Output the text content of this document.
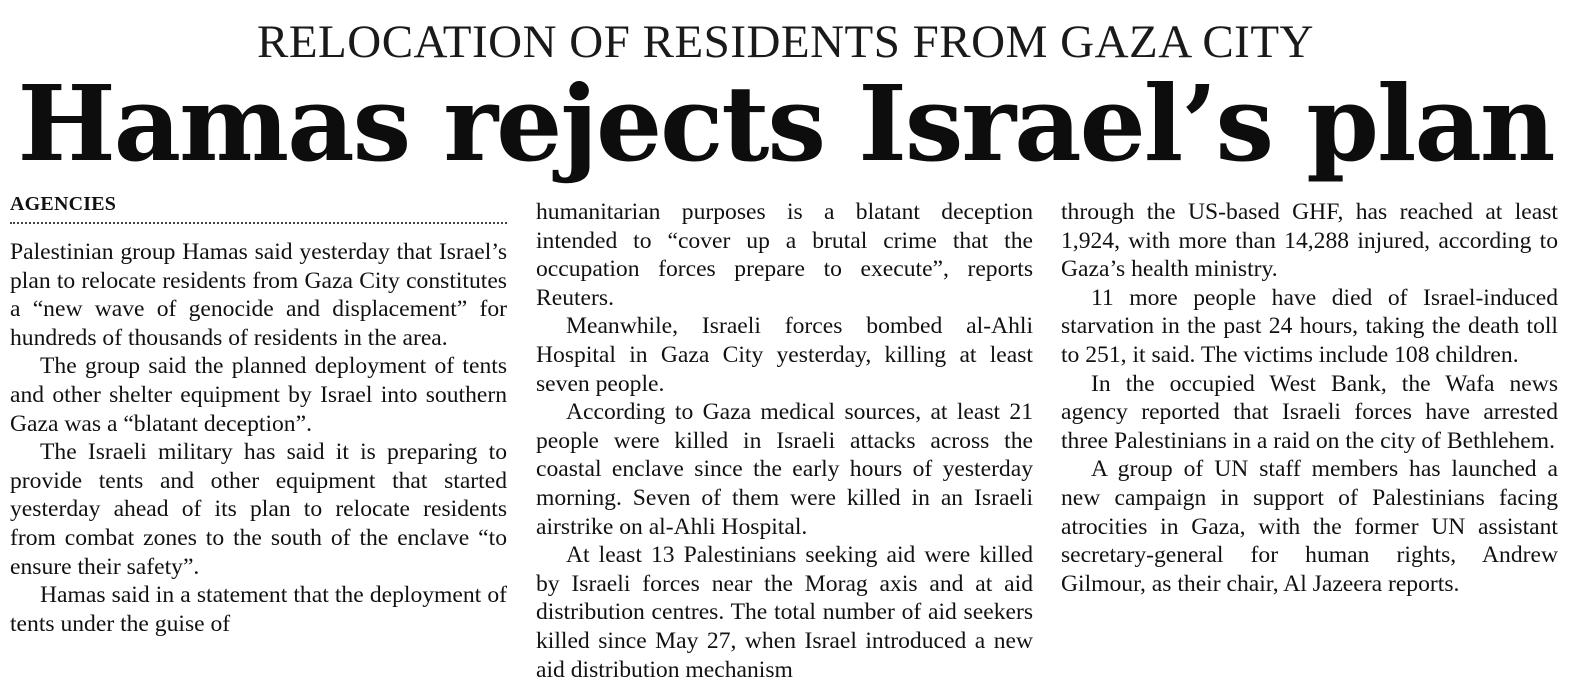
RELOCATION OF RESIDENTS FROM GAZA CITY
Hamas rejects Israel’s plan
AGENCIES

Palestinian group Hamas said yesterday that Israel’s plan to relocate residents from Gaza City constitutes a “new wave of genocide and displacement” for hundreds of thousands of residents in the area.

The group said the planned deployment of tents and other shelter equipment by Israel into southern Gaza was a “blatant deception”.

The Israeli military has said it is preparing to provide tents and other equipment that started yesterday ahead of its plan to relocate residents from combat zones to the south of the enclave “to ensure their safety”.

Hamas said in a statement that the deployment of tents under the guise of

humanitarian purposes is a blatant deception intended to “cover up a brutal crime that the occupation forces prepare to execute”, reports Reuters.

Meanwhile, Israeli forces bombed al-Ahli Hospital in Gaza City yesterday, killing at least seven people.

According to Gaza medical sources, at least 21 people were killed in Israeli attacks across the coastal enclave since the early hours of yesterday morning. Seven of them were killed in an Israeli airstrike on al-Ahli Hospital.

At least 13 Palestinians seeking aid were killed by Israeli forces near the Morag axis and at aid distribution centres. The total number of aid seekers killed since May 27, when Israel introduced a new aid distribution mechanism

through the US-based GHF, has reached at least 1,924, with more than 14,288 injured, according to Gaza’s health ministry.

11 more people have died of Israel-induced starvation in the past 24 hours, taking the death toll to 251, it said. The victims include 108 children.

In the occupied West Bank, the Wafa news agency reported that Israeli forces have arrested three Palestinians in a raid on the city of Bethlehem.

A group of UN staff members has launched a new campaign in support of Palestinians facing atrocities in Gaza, with the former UN assistant secretary-general for human rights, Andrew Gilmour, as their chair, Al Jazeera reports.
